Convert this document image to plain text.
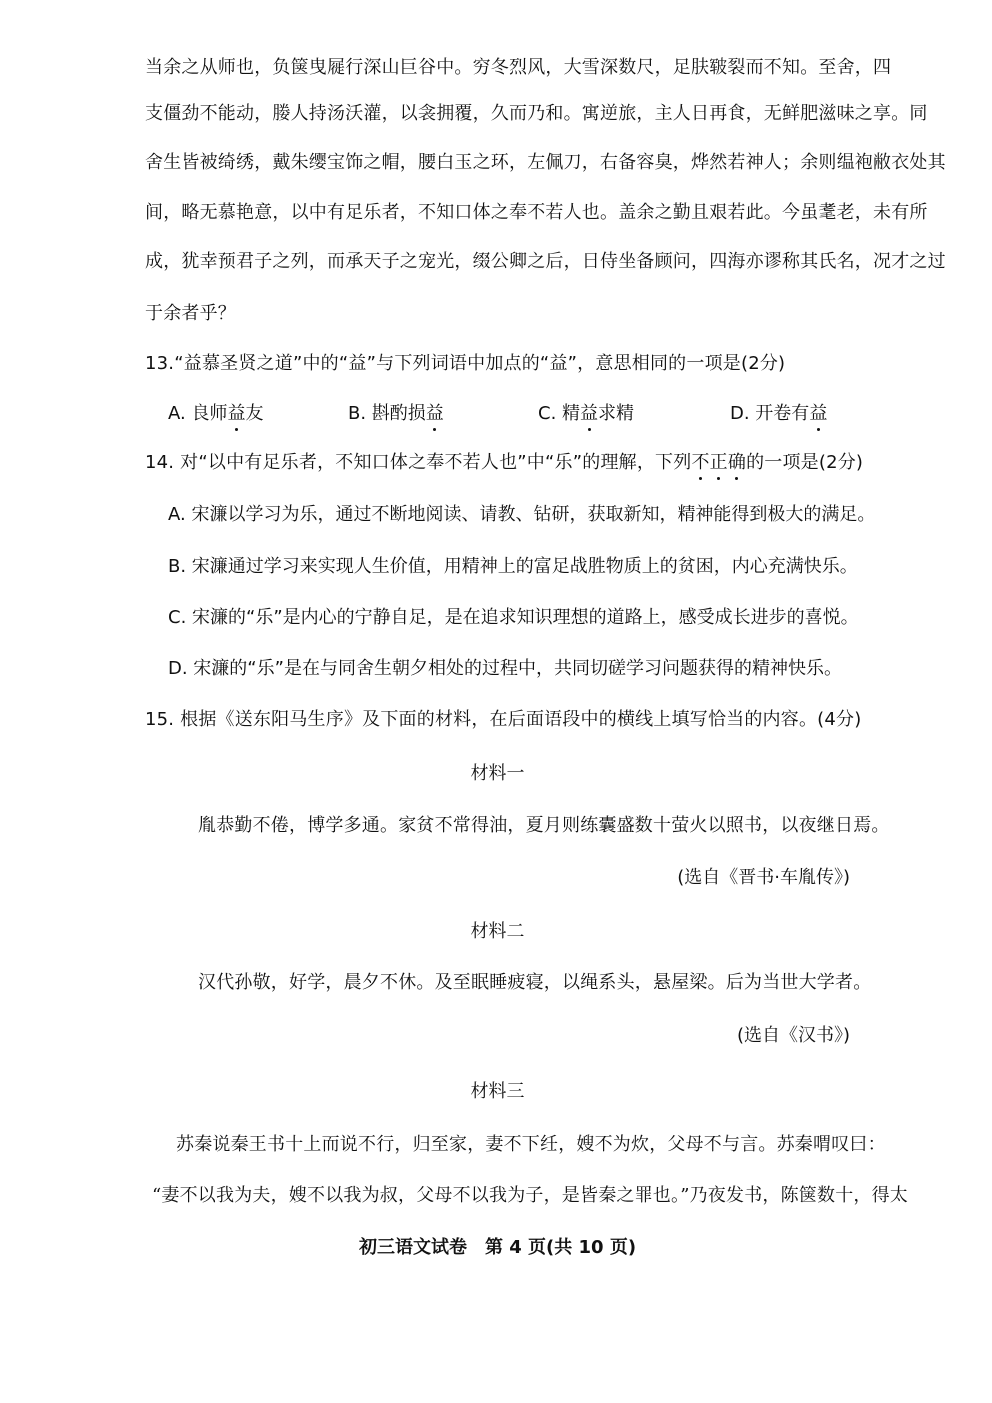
当余之从师也，负箧曳屣行深山巨谷中。穷冬烈风，大雪深数尺，足肤皲裂而不知。至舍，四
支僵劲不能动，媵人持汤沃灌，以衾拥覆，久而乃和。寓逆旅，主人日再食，无鲜肥滋味之享。同
舍生皆被绮绣，戴朱缨宝饰之帽，腰白玉之环，左佩刀，右备容臭，烨然若神人；余则缊袍敝衣处其
间，略无慕艳意，以中有足乐者，不知口体之奉不若人也。盖余之勤且艰若此。今虽耄老，未有所
成，犹幸预君子之列，而承天子之宠光，缀公卿之后，日侍坐备顾问，四海亦谬称其氏名，况才之过
于余者乎？
13.“益慕圣贤之道”中的“益”与下列词语中加点的“益”，意思相同的一项是(2分)
A. 良师益友	B. 斟酌损益	C. 精益求精	D. 开卷有益
14. 对“以中有足乐者，不知口体之奉不若人也”中“乐”的理解，下列不正确的一项是(2分)
A. 宋濂以学习为乐，通过不断地阅读、请教、钻研，获取新知，精神能得到极大的满足。
B. 宋濂通过学习来实现人生价值，用精神上的富足战胜物质上的贫困，内心充满快乐。
C. 宋濂的“乐”是内心的宁静自足，是在追求知识理想的道路上，感受成长进步的喜悦。
D. 宋濂的“乐”是在与同舍生朝夕相处的过程中，共同切磋学习问题获得的精神快乐。
15. 根据《送东阳马生序》及下面的材料，在后面语段中的横线上填写恰当的内容。(4分)
材料一
胤恭勤不倦，博学多通。家贫不常得油，夏月则练囊盛数十萤火以照书，以夜继日焉。
(选自《晋书·车胤传》)
材料二
汉代孙敬，好学，晨夕不休。及至眠睡疲寝，以绳系头，悬屋梁。后为当世大学者。
(选自《汉书》)
材料三
苏秦说秦王书十上而说不行，归至家，妻不下纴，嫂不为炊，父母不与言。苏秦喟叹曰：
“妻不以我为夫，嫂不以我为叔，父母不以我为子，是皆秦之罪也。”乃夜发书，陈箧数十，得太
初三语文试卷　第 4 页(共 10 页)
